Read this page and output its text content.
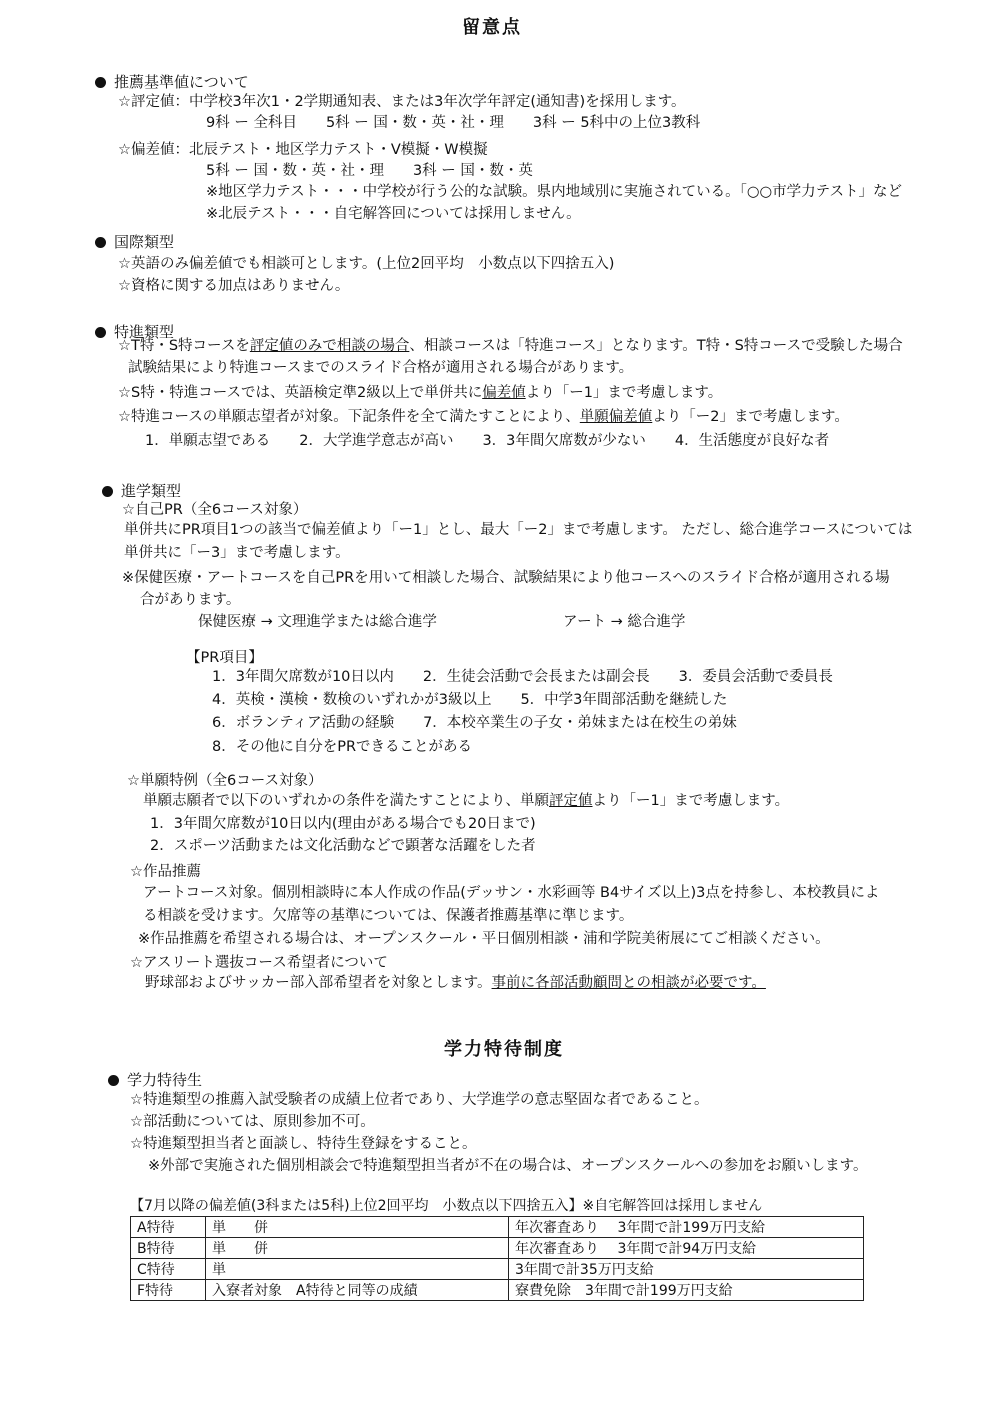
留意点
推薦基準値について
☆評定値：中学校3年次1・2学期通知表、または3年次学年評定(通知書)を採用します。
9科 ー 全科目　　5科 ー 国・数・英・社・理　　3科 ー 5科中の上位3教科
☆偏差値：北辰テスト・地区学力テスト・V模擬・W模擬
5科 ー 国・数・英・社・理　　3科 ー 国・数・英
※地区学力テスト・・・中学校が行う公的な試験。県内地域別に実施されている。「○○市学力テスト」など
※北辰テスト・・・自宅解答回については採用しません。
国際類型
☆英語のみ偏差値でも相談可とします。(上位2回平均　小数点以下四捨五入)
☆資格に関する加点はありません。
特進類型
☆T特・S特コースを評定値のみで相談の場合、相談コースは「特進コース」となります。T特・S特コースで受験した場合
試験結果により特進コースまでのスライド合格が適用される場合があります。
☆S特・特進コースでは、英語検定準2級以上で単併共に偏差値より「ー1」まで考慮します。
☆特進コースの単願志望者が対象。下記条件を全て満たすことにより、単願偏差値より「ー2」まで考慮します。
1．単願志望である　　2．大学進学意志が高い　　3．3年間欠席数が少ない　　4．生活態度が良好な者
進学類型
☆自己PR（全6コース対象）
単併共にPR項目1つの該当で偏差値より「ー1」とし、最大「ー2」まで考慮します。 ただし、総合進学コースについては
単併共に「ー3」まで考慮します。
※保健医療・アートコースを自己PRを用いて相談した場合、試験結果により他コースへのスライド合格が適用される場
合があります。
保健医療 → 文理進学または総合進学	アート → 総合進学
【PR項目】
1．3年間欠席数が10日以内　　2．生徒会活動で会長または副会長　　3．委員会活動で委員長
4．英検・漢検・数検のいずれかが3級以上　　5．中学3年間部活動を継続した
6．ボランティア活動の経験　　7．本校卒業生の子女・弟妹または在校生の弟妹
8．その他に自分をPRできることがある
☆単願特例（全6コース対象）
単願志願者で以下のいずれかの条件を満たすことにより、単願評定値より「ー1」まで考慮します。
1．3年間欠席数が10日以内(理由がある場合でも20日まで)
2．スポーツ活動または文化活動などで顕著な活躍をした者
☆作品推薦
アートコース対象。個別相談時に本人作成の作品(デッサン・水彩画等 B4サイズ以上)3点を持参し、本校教員によ
る相談を受けます。欠席等の基準については、保護者推薦基準に準じます。
※作品推薦を希望される場合は、オープンスクール・平日個別相談・浦和学院美術展にてご相談ください。
☆アスリート選抜コース希望者について
野球部およびサッカー部入部希望者を対象とします。事前に各部活動顧問との相談が必要です。
学力特待制度
学力特待生
☆特進類型の推薦入試受験者の成績上位者であり、大学進学の意志堅固な者であること。
☆部活動については、原則参加不可。
☆特進類型担当者と面談し、特待生登録をすること。
※外部で実施された個別相談会で特進類型担当者が不在の場合は、オープンスクールへの参加をお願いします。
【7月以降の偏差値(3科または5科)上位2回平均　小数点以下四捨五入】※自宅解答回は採用しません
A特待	単　　併	年次審査あり　 3年間で計199万円支給
B特待	単　　併	年次審査あり　 3年間で計94万円支給
C特待	単	3年間で計35万円支給
F特待	入寮者対象　A特待と同等の成績	寮費免除　3年間で計199万円支給
